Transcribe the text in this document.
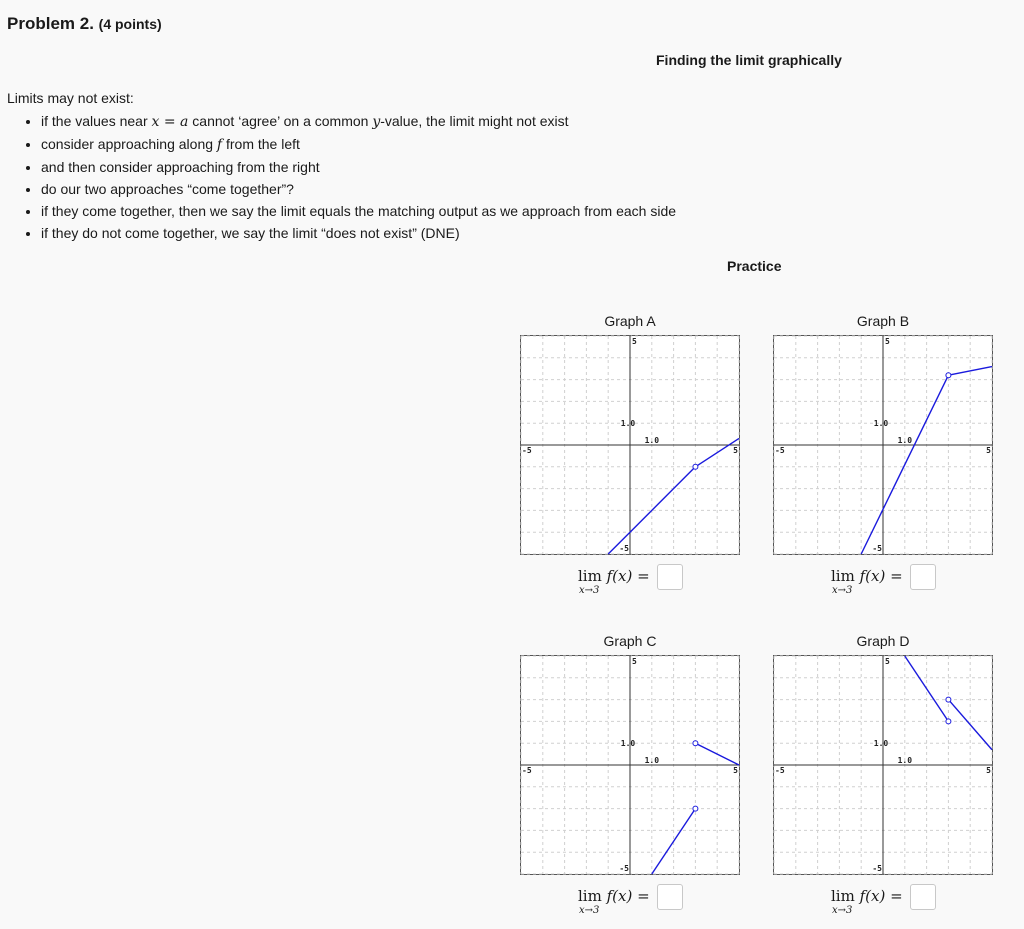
Problem 2. (4 points)
Finding the limit graphically
Limits may not exist:
• if the values near x = a cannot ‘agree’ on a common y-value, the limit might not exist
• consider approaching along f from the left
• and then consider approaching from the right
• do our two approaches “come together”?
• if they come together, then we say the limit equals the matching output as we approach from each side
• if they do not come together, we say the limit “does not exist” (DNE)
Practice
Graph A
5
-5	5
-5
1.0
1.0
lim f(x) =
x→3
Graph B
5
-5	5
-5
1.0
1.0
lim f(x) =
x→3
Graph C
5
-5	5
-5
1.0
1.0
lim f(x) =
x→3
Graph D
5
-5	5
-5
1.0
1.0
lim f(x) =
x→3
